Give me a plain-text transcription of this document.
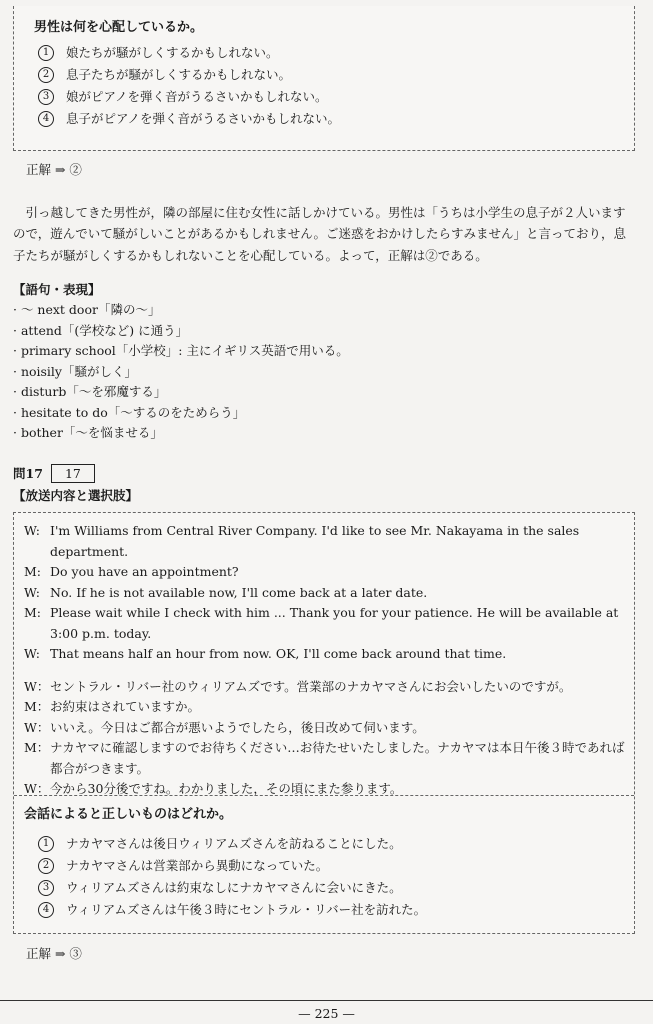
男性は何を心配しているか。
1	娘たちが騒がしくするかもしれない。
2	息子たちが騒がしくするかもしれない。
3	娘がピアノを弾く音がうるさいかもしれない。
4	息子がピアノを弾く音がうるさいかもしれない。
正解 ⇒ ②
引っ越してきた男性が，隣の部屋に住む女性に話しかけている。男性は「うちは小学生の息子が２人いますので，遊んでいて騒がしいことがあるかもしれません。ご迷惑をおかけしたらすみません」と言っており，息子たちが騒がしくするかもしれないことを心配している。よって，正解は②である。
【語句・表現】
· ～ next door「隣の～」
· attend「(学校など) に通う」
· primary school「小学校」: 主にイギリス英語で用いる。
· noisily「騒がしく」
· disturb「～を邪魔する」
· hesitate to do「～するのをためらう」
· bother「～を悩ませる」
問17	17
【放送内容と選択肢】
W: I'm Williams from Central River Company. I'd like to see Mr. Nakayama in the sales department.
M: Do you have an appointment?
W: No. If he is not available now, I'll come back at a later date.
M: Please wait while I check with him ... Thank you for your patience. He will be available at 3:00 p.m. today.
W: That means half an hour from now. OK, I'll come back around that time.
W： セントラル・リバー社のウィリアムズです。営業部のナカヤマさんにお会いしたいのですが。
M： お約束はされていますか。
W： いいえ。今日はご都合が悪いようでしたら，後日改めて伺います。
M： ナカヤマに確認しますのでお待ちください…お待たせいたしました。ナカヤマは本日午後３時であれば都合がつきます。
W： 今から30分後ですね。わかりました，その頃にまた参ります。
会話によると正しいものはどれか。
1	ナカヤマさんは後日ウィリアムズさんを訪ねることにした。
2	ナカヤマさんは営業部から異動になっていた。
3	ウィリアムズさんは約束なしにナカヤマさんに会いにきた。
4	ウィリアムズさんは午後３時にセントラル・リバー社を訪れた。
正解 ⇒ ③
— 225 —
